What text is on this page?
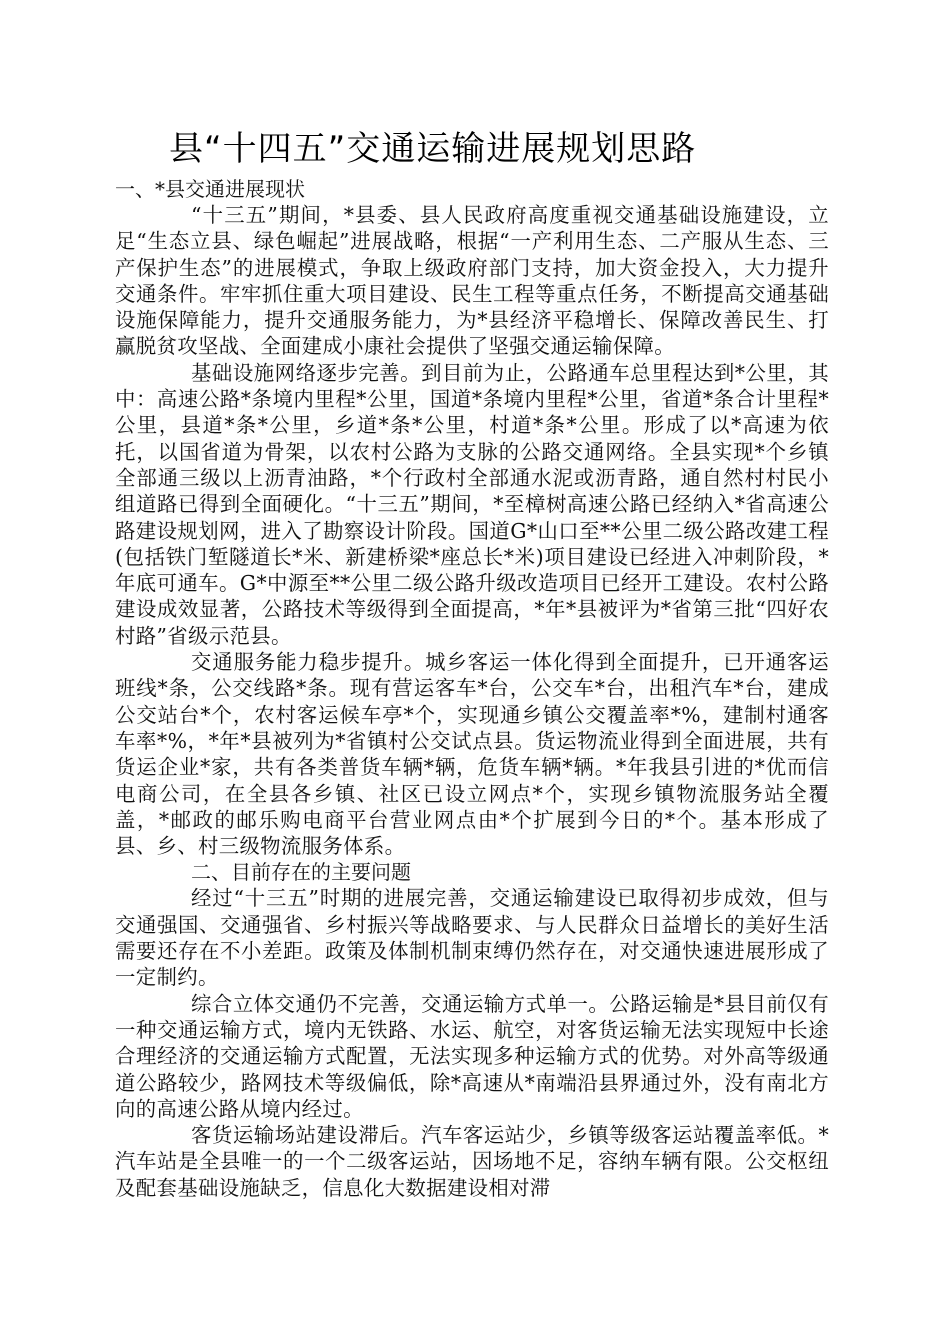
县“十四五”交通运输进展规划思路

一、*县交通进展现状

“十三五”期间，*县委、县人民政府高度重视交通基础设施建设，立足“生态立县、绿色崛起”进展战略，根据“一产利用生态、二产服从生态、三产保护生态”的进展模式，争取上级政府部门支持，加大资金投入，大力提升交通条件。牢牢抓住重大项目建设、民生工程等重点任务，不断提高交通基础设施保障能力，提升交通服务能力，为*县经济平稳增长、保障改善民生、打赢脱贫攻坚战、全面建成小康社会提供了坚强交通运输保障。

基础设施网络逐步完善。到目前为止，公路通车总里程达到*公里，其中：高速公路*条境内里程*公里，国道*条境内里程*公里，省道*条合计里程*公里，县道*条*公里，乡道*条*公里，村道*条*公里。形成了以*高速为依托，以国省道为骨架，以农村公路为支脉的公路交通网络。全县实现*个乡镇全部通三级以上沥青油路，*个行政村全部通水泥或沥青路，通自然村村民小组道路已得到全面硬化。“十三五”期间，*至樟树高速公路已经纳入*省高速公路建设规划网，进入了勘察设计阶段。国道G*山口至**公里二级公路改建工程(包括铁门堑隧道长*米、新建桥梁*座总长*米)项目建设已经进入冲刺阶段，*年底可通车。G*中源至**公里二级公路升级改造项目已经开工建设。农村公路建设成效显著，公路技术等级得到全面提高，*年*县被评为*省第三批“四好农村路”省级示范县。

交通服务能力稳步提升。城乡客运一体化得到全面提升，已开通客运班线*条，公交线路*条。现有营运客车*台，公交车*台，出租汽车*台，建成公交站台*个，农村客运候车亭*个，实现通乡镇公交覆盖率*%，建制村通客车率*%，*年*县被列为*省镇村公交试点县。货运物流业得到全面进展，共有货运企业*家，共有各类普货车辆*辆，危货车辆*辆。*年我县引进的*优而信电商公司，在全县各乡镇、社区已设立网点*个，实现乡镇物流服务站全覆盖，*邮政的邮乐购电商平台营业网点由*个扩展到今日的*个。基本形成了县、乡、村三级物流服务体系。

二、目前存在的主要问题

经过“十三五”时期的进展完善，交通运输建设已取得初步成效，但与交通强国、交通强省、乡村振兴等战略要求、与人民群众日益增长的美好生活需要还存在不小差距。政策及体制机制束缚仍然存在，对交通快速进展形成了一定制约。

综合立体交通仍不完善，交通运输方式单一。公路运输是*县目前仅有一种交通运输方式，境内无铁路、水运、航空，对客货运输无法实现短中长途合理经济的交通运输方式配置，无法实现多种运输方式的优势。对外高等级通道公路较少，路网技术等级偏低，除*高速从*南端沿县界通过外，没有南北方向的高速公路从境内经过。

客货运输场站建设滞后。汽车客运站少，乡镇等级客运站覆盖率低。*汽车站是全县唯一的一个二级客运站，因场地不足，容纳车辆有限。公交枢纽及配套基础设施缺乏，信息化大数据建设相对滞
